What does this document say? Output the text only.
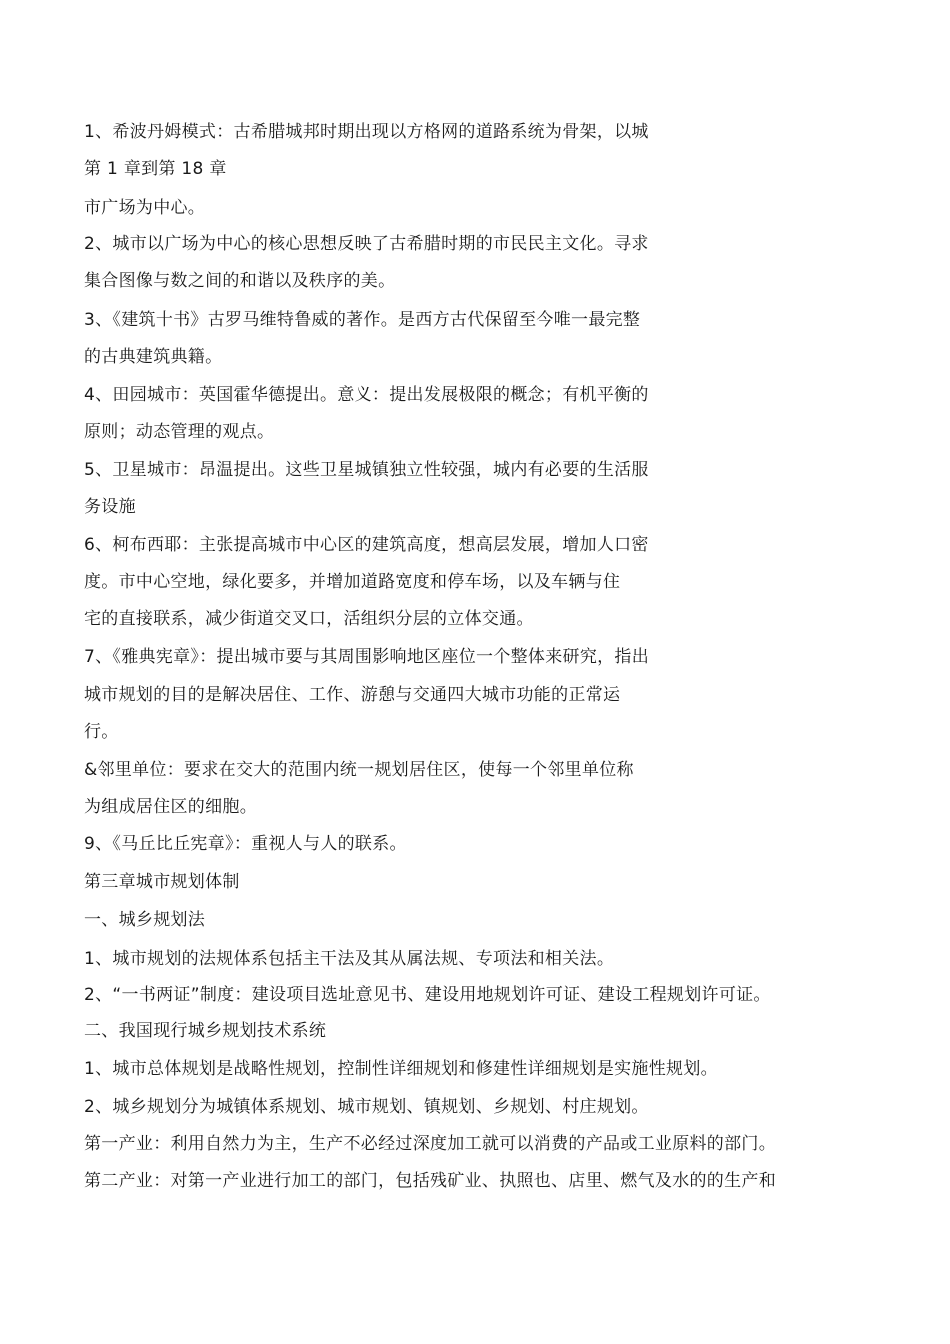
1、希波丹姆模式：古希腊城邦时期出现以方格网的道路系统为骨架，以城
第 1 章到第 18 章
市广场为中心。
2、城市以广场为中心的核心思想反映了古希腊时期的市民民主文化。寻求
集合图像与数之间的和谐以及秩序的美。
3、《建筑十书》古罗马维特鲁威的著作。是西方古代保留至今唯一最完整
的古典建筑典籍。
4、田园城市：英国霍华德提出。意义：提出发展极限的概念；有机平衡的
原则；动态管理的观点。
5、卫星城市：昂温提出。这些卫星城镇独立性较强，城内有必要的生活服
务设施
6、柯布西耶：主张提高城市中心区的建筑高度，想高层发展，增加人口密
度。市中心空地，绿化要多，并增加道路宽度和停车场，以及车辆与住
宅的直接联系，减少街道交叉口，活组织分层的立体交通。
7、《雅典宪章》：提出城市要与其周围影响地区座位一个整体来研究，指出
城市规划的目的是解决居住、工作、游憩与交通四大城市功能的正常运
行。
&邻里单位：要求在交大的范围内统一规划居住区，使每一个邻里单位称
为组成居住区的细胞。
9、《马丘比丘宪章》：重视人与人的联系。
第三章城市规划体制
一、城乡规划法
1、城市规划的法规体系包括主干法及其从属法规、专项法和相关法。
2、“一书两证”制度：建设项目选址意见书、建设用地规划许可证、建设工程规划许可证。
二、我国现行城乡规划技术系统
1、城市总体规划是战略性规划，控制性详细规划和修建性详细规划是实施性规划。
2、城乡规划分为城镇体系规划、城市规划、镇规划、乡规划、村庄规划。
第一产业：利用自然力为主，生产不必经过深度加工就可以消费的产品或工业原料的部门。
第二产业：对第一产业进行加工的部门，包括残矿业、执照也、店里、燃气及水的的生产和
